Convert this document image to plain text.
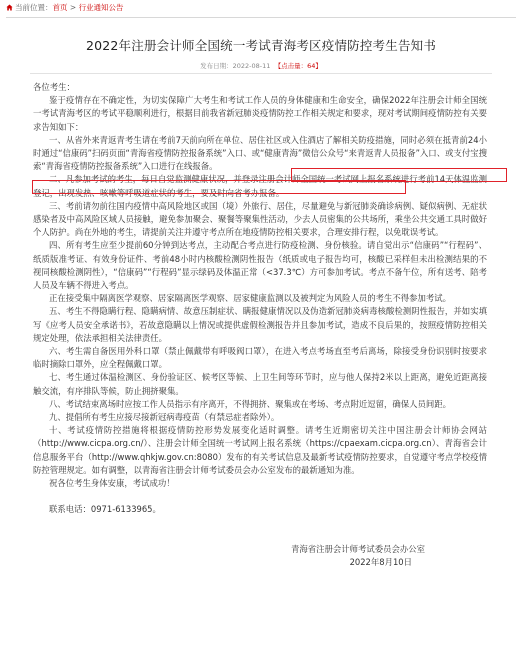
当前位置：首页 > 行业通知公告
2022年注册会计师全国统一考试青海考区疫情防控考生告知书
发布日期：2022-08-11 【点击量：64】

各位考生：

鉴于疫情存在不确定性，为切实保障广大考生和考试工作人员的身体健康和生命安全，确保2022年注册会计师全国统一考试青海考区的考试平稳顺利进行，根据目前我省新冠肺炎疫情防控工作相关规定和要求，现对考试期间疫情防控有关要求告知如下：

一、从省外来青返青考生请在考前7天前向所在单位、居住社区或入住酒店了解相关防疫措施，同时必须在抵青前24小时通过“信康码”扫码页面“青海省疫情防控报备系统”入口、或“健康青海”微信公众号“来青返青人员报备”入口、或支付宝搜索“青海省疫情防控报备系统”入口进行在线报备。

二、凡参加考试的考生，每日自觉监测健康状况，并登录注册会计师全国统一考试网上报名系统进行考前14天体温监测登记，出现发热、咳嗽等呼吸道症状的考生，要及时向省考办报备。

三、考前请勿前往国内疫情中高风险地区或国（境）外旅行、居住，尽量避免与新冠肺炎确诊病例、疑似病例、无症状感染者及中高风险区域人员接触，避免参加聚会、聚餐等聚集性活动，少去人员密集的公共场所，乘坐公共交通工具时做好个人防护。尚在外地的考生，请提前关注并遵守考点所在地疫情防控相关要求，合理安排行程，以免耽误考试。

四、所有考生应至少提前60分钟到达考点，主动配合考点进行防疫检测、身份核验。请自觉出示“信康码”“行程码”、纸质版准考证、有效身份证件、考前48小时内核酸检测阴性报告（纸质或电子报告均可，核酸已采样但未出检测结果的不视同核酸检测阴性），“信康码”“行程码”显示绿码及体温正常（<37.3℃）方可参加考试。考点不备午位，所有送考、陪考人员及车辆不得进入考点。

正在接受集中隔离医学观察、居家隔离医学观察、居家健康监测以及被判定为风险人员的考生不得参加考试。

五、考生不得隐瞒行程、隐瞒病情、故意压制症状、瞒报健康情况以及伪造新冠肺炎病毒核酸检测阴性报告，并如实填写《应考人员安全承诺书》，若故意隐瞒以上情况或提供虚假检测报告并且参加考试，造成不良后果的，按照疫情防控相关规定处理，依法承担相关法律责任。

六、考生需自备医用外科口罩（禁止佩戴带有呼吸阀口罩），在进入考点考场直至考后离场，除接受身份识别时按要求临时摘除口罩外，应全程佩戴口罩。

七、考生通过体温检测区、身份验证区、候考区等候、上卫生间等环节时，应与他人保持2米以上距离，避免近距离接触交流，有序排队等候，防止拥挤聚集。

八、考试结束离场时应按工作人员指示有序离开，不得拥挤、聚集或在考场、考点附近逗留，确保人员间距。

九、提倡所有考生应接尽接新冠病毒疫苗（有禁忌症者除外）。

十、考试疫情防控措施将根据疫情防控形势发展变化适时调整。请考生近期密切关注中国注册会计师协会网站（http://www.cicpa.org.cn/）、注册会计师全国统一考试网上报名系统（https://cpaexam.cicpa.org.cn）、青海省会计信息服务平台（http://www.qhkjw.gov.cn:8080）发布的有关考试信息及最新考试疫情防控要求，自觉遵守考点学校疫情防控管理规定。如有调整，以青海省注册会计师考试委员会办公室发布的最新通知为准。

祝各位考生身体安康，考试成功！

联系电话：0971-6133965。

青海省注册会计师考试委员会办公室

2022年8月10日
